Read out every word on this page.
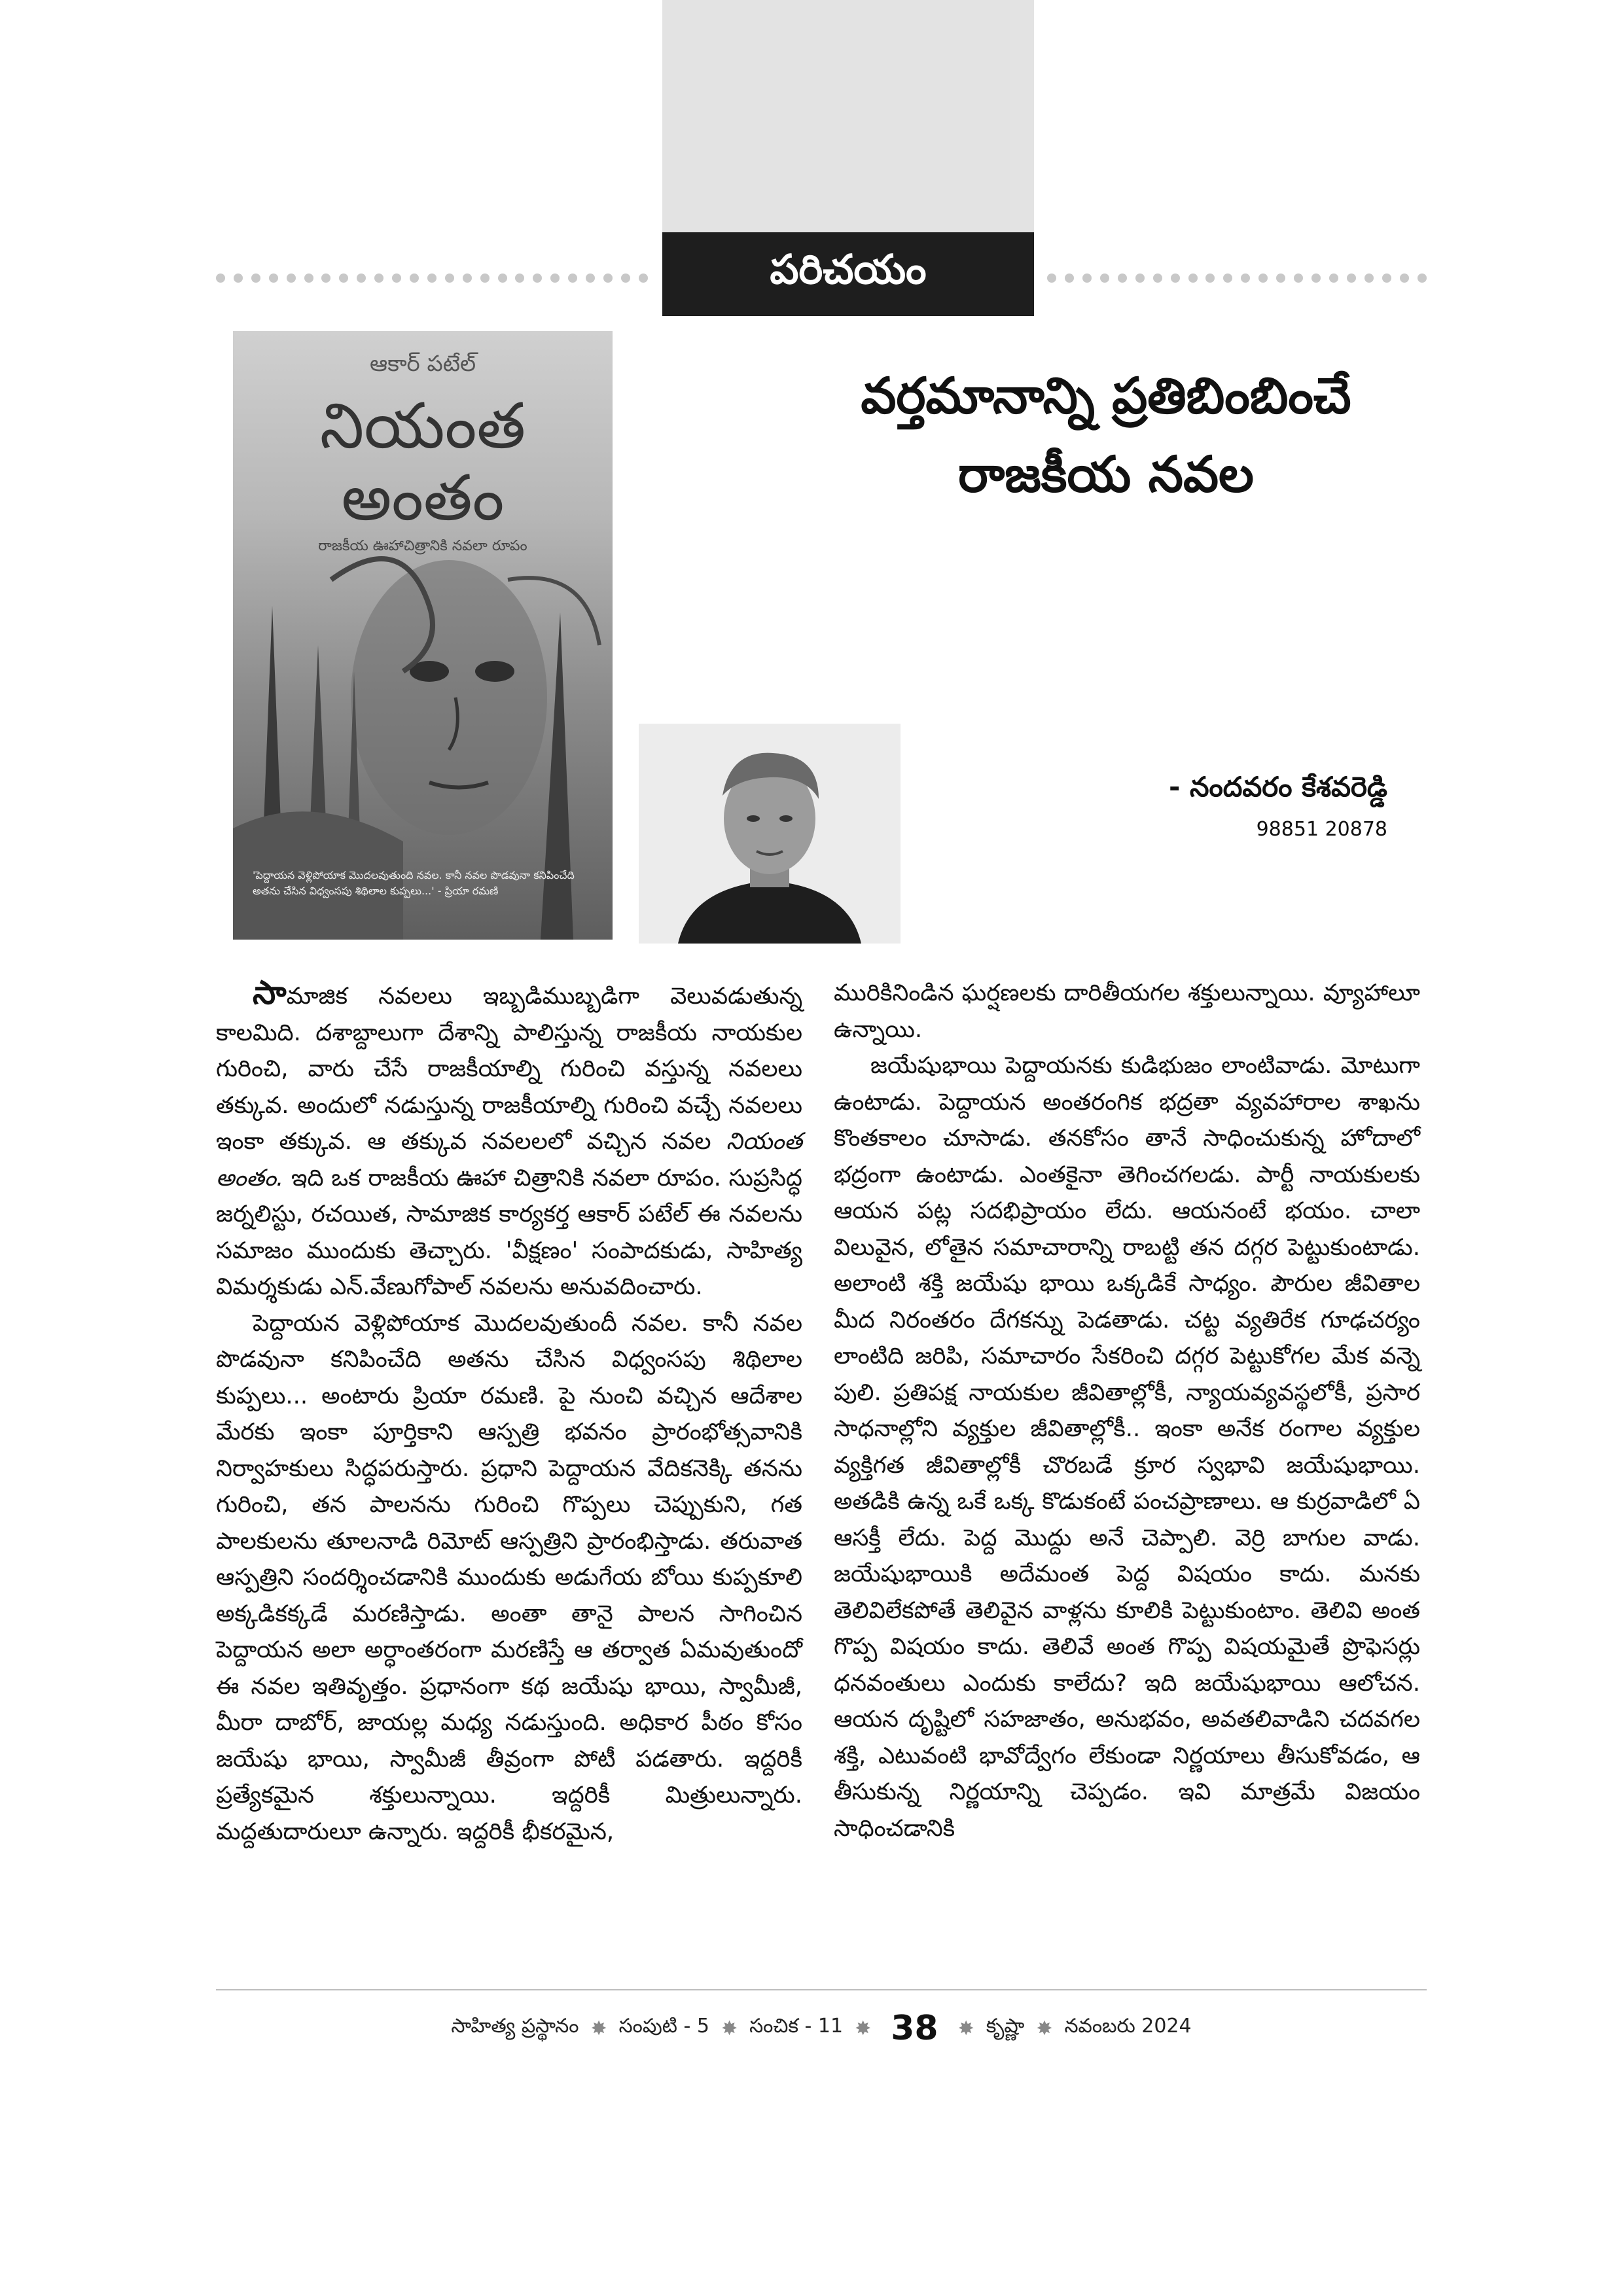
పరిచయం
ఆకార్ పటేల్
నియంత
అంతం
రాజకీయ ఊహాచిత్రానికి నవలా రూపం
'పెద్దాయన వెళ్లిపోయాక మొదలవుతుంది నవల. కానీ నవల పొడవునా కనిపించేది అతను చేసిన విధ్వంసపు శిథిలాల కుప్పలు...' - ప్రియా రమణి
వర్తమానాన్ని ప్రతిబింబించే
రాజకీయ నవల
- నందవరం కేశవరెడ్డి
98851 20878

సామాజిక నవలలు ఇబ్బడిముబ్బడిగా వెలువడుతున్న కాలమిది. దశాబ్దాలుగా దేశాన్ని పాలిస్తున్న రాజకీయ నాయకుల గురించి, వారు చేసే రాజకీయాల్ని గురించి వస్తున్న నవలలు తక్కువ. అందులో నడుస్తున్న రాజకీయాల్ని గురించి వచ్చే నవలలు ఇంకా తక్కువ. ఆ తక్కువ నవలలలో వచ్చిన నవల నియంత అంతం. ఇది ఒక రాజకీయ ఊహా చిత్రానికి నవలా రూపం. సుప్రసిద్ధ జర్నలిస్టు, రచయిత, సామాజిక కార్యకర్త ఆకార్ పటేల్ ఈ నవలను సమాజం ముందుకు తెచ్చారు. 'వీక్షణం' సంపాదకుడు, సాహిత్య విమర్శకుడు ఎన్.వేణుగోపాల్ నవలను అనువదించారు.

పెద్దాయన వెళ్లిపోయాక మొదలవుతుందీ నవల. కానీ నవల పొడవునా కనిపించేది అతను చేసిన విధ్వంసపు శిథిలాల కుప్పలు... అంటారు ప్రియా రమణి. పై నుంచి వచ్చిన ఆదేశాల మేరకు ఇంకా పూర్తికాని ఆస్పత్రి భవనం ప్రారంభోత్సవానికి నిర్వాహకులు సిద్ధపరుస్తారు. ప్రధాని పెద్దాయన వేదికనెక్కి తనను గురించి, తన పాలనను గురించి గొప్పలు చెప్పుకుని, గత పాలకులను తూలనాడి రిమోట్ ఆస్పత్రిని ప్రారంభిస్తాడు. తరువాత ఆస్పత్రిని సందర్శించడానికి ముందుకు అడుగేయ బోయి కుప్పకూలి అక్కడికక్కడే మరణిస్తాడు. అంతా తానై పాలన సాగించిన పెద్దాయన అలా అర్ధాంతరంగా మరణిస్తే ఆ తర్వాత ఏమవుతుందో ఈ నవల ఇతివృత్తం. ప్రధానంగా కథ జయేషు భాయి, స్వామీజీ, మీరా దాబోర్, జాయల్ల మధ్య నడుస్తుంది. అధికార పీఠం కోసం జయేషు భాయి, స్వామీజీ తీవ్రంగా పోటీ పడతారు. ఇద్దరికీ ప్రత్యేకమైన శక్తులున్నాయి. ఇద్దరికీ మిత్రులున్నారు. మద్దతుదారులూ ఉన్నారు. ఇద్దరికీ భీకరమైన,

మురికినిండిన ఘర్షణలకు దారితీయగల శక్తులున్నాయి. వ్యూహాలూ ఉన్నాయి.

జయేషుభాయి పెద్దాయనకు కుడిభుజం లాంటివాడు. మోటుగా ఉంటాడు. పెద్దాయన అంతరంగిక భద్రతా వ్యవహారాల శాఖను కొంతకాలం చూసాడు. తనకోసం తానే సాధించుకున్న హోదాలో భద్రంగా ఉంటాడు. ఎంతకైనా తెగించగలడు. పార్టీ నాయకులకు ఆయన పట్ల సదభిప్రాయం లేదు. ఆయనంటే భయం. చాలా విలువైన, లోతైన సమాచారాన్ని రాబట్టి తన దగ్గర పెట్టుకుంటాడు. అలాంటి శక్తి జయేషు భాయి ఒక్కడికే సాధ్యం. పౌరుల జీవితాల మీద నిరంతరం దేగకన్ను పెడతాడు. చట్ట వ్యతిరేక గూఢచర్యం లాంటిది జరిపి, సమాచారం సేకరించి దగ్గర పెట్టుకోగల మేక వన్నె పులి. ప్రతిపక్ష నాయకుల జీవితాల్లోకీ, న్యాయవ్యవస్థలోకీ, ప్రసార సాధనాల్లోని వ్యక్తుల జీవితాల్లోకీ.. ఇంకా అనేక రంగాల వ్యక్తుల వ్యక్తిగత జీవితాల్లోకీ చొరబడే క్రూర స్వభావి జయేషుభాయి. అతడికి ఉన్న ఒకే ఒక్క కొడుకంటే పంచప్రాణాలు. ఆ కుర్రవాడిలో ఏ ఆసక్తీ లేదు. పెద్ద మొద్దు అనే చెప్పాలి. వెర్రి బాగుల వాడు. జయేషుభాయికి అదేమంత పెద్ద విషయం కాదు. మనకు తెలివిలేకపోతే తెలివైన వాళ్లను కూలికి పెట్టుకుంటాం. తెలివి అంత గొప్ప విషయం కాదు. తెలివే అంత గొప్ప విషయమైతే ప్రొఫెసర్లు ధనవంతులు ఎందుకు కాలేదు? ఇది జయేషుభాయి ఆలోచన. ఆయన దృష్టిలో సహజాతం, అనుభవం, అవతలివాడిని చదవగల శక్తి, ఎటువంటి భావోద్వేగం లేకుండా నిర్ణయాలు తీసుకోవడం, ఆ తీసుకున్న నిర్ణయాన్ని చెప్పడం. ఇవి మాత్రమే విజయం సాధించడానికి

సాహిత్య ప్రస్థానం ✸ సంపుటి - 5 ✸ సంచిక - 11 ✸ 38	✸ కృష్ణా ✸ నవంబరు 2024
